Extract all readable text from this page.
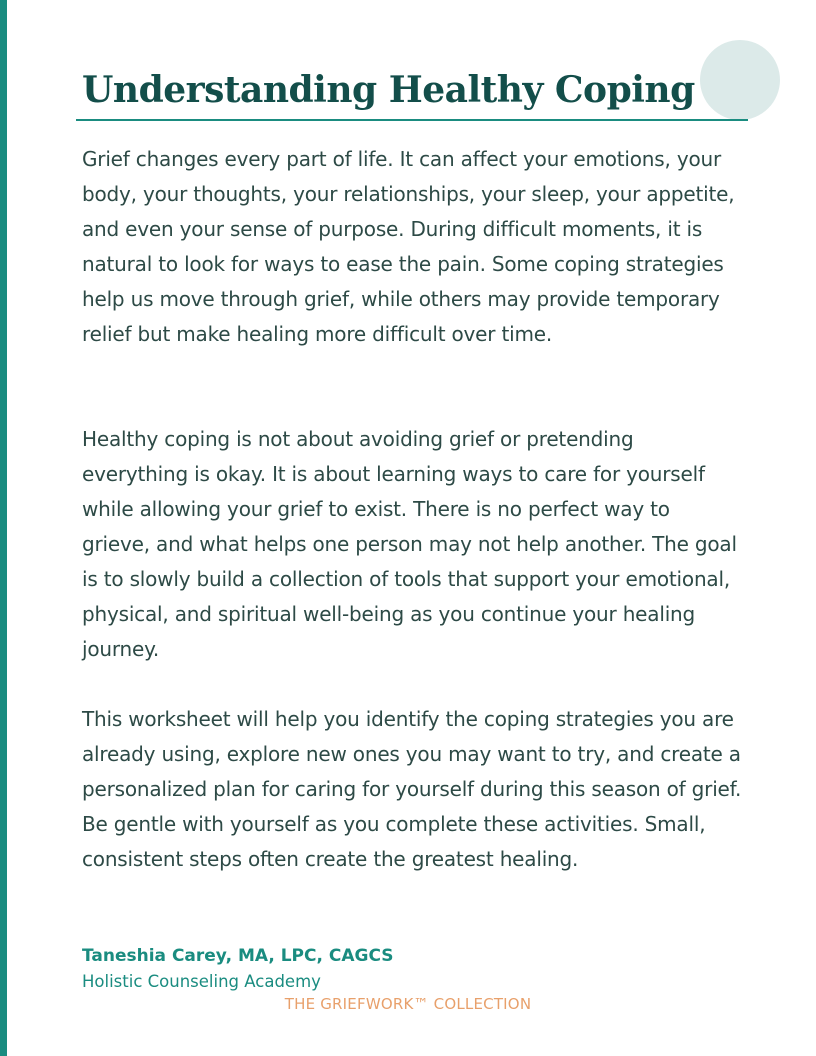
Understanding Healthy Coping

Grief changes every part of life. It can affect your emotions, your body, your thoughts, your relationships, your sleep, your appetite, and even your sense of purpose. During difficult moments, it is natural to look for ways to ease the pain. Some coping strategies help us move through grief, while others may provide temporary relief but make healing more difficult over time.

Healthy coping is not about avoiding grief or pretending everything is okay. It is about learning ways to care for yourself while allowing your grief to exist. There is no perfect way to grieve, and what helps one person may not help another. The goal is to slowly build a collection of tools that support your emotional, physical, and spiritual well-being as you continue your healing journey.

This worksheet will help you identify the coping strategies you are already using, explore new ones you may want to try, and create a personalized plan for caring for yourself during this season of grief. Be gentle with yourself as you complete these activities. Small, consistent steps often create the greatest healing.

Taneshia Carey, MA, LPC, CAGCS

Holistic Counseling Academy

THE GRIEFWORK™ COLLECTION
